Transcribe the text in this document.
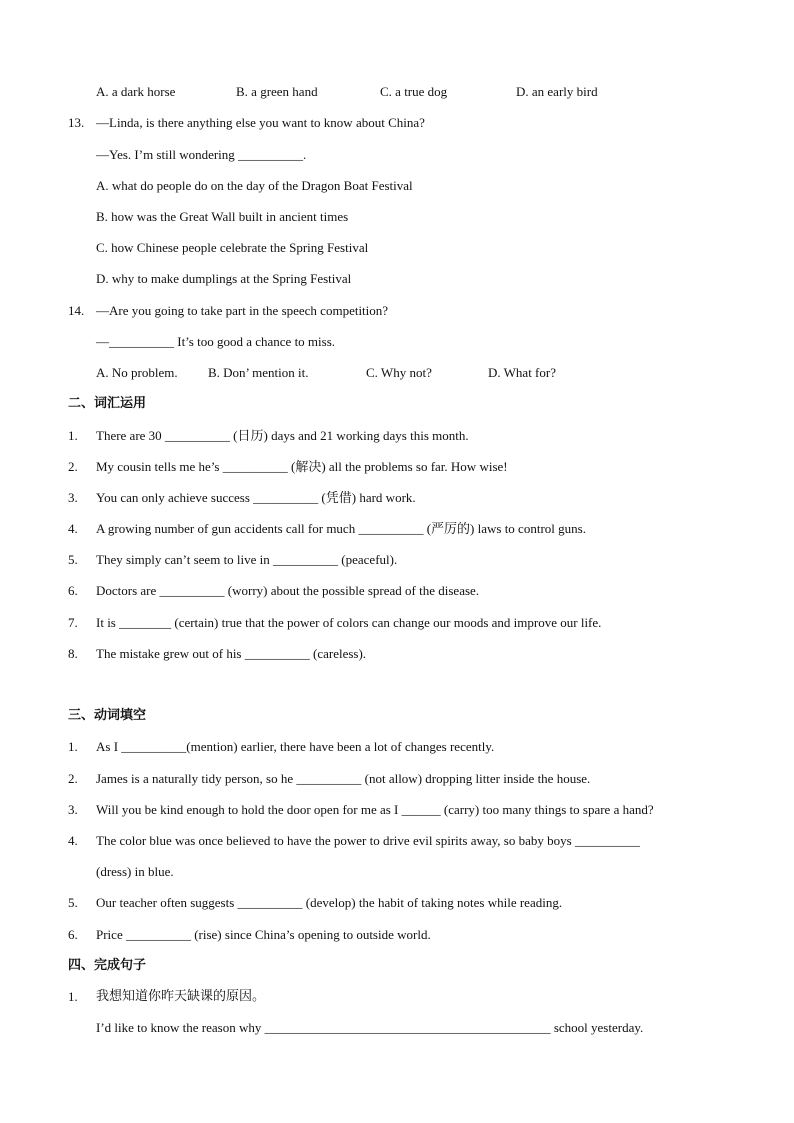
A. a dark horse	B. a green hand	C. a true dog	D. an early bird
13. —Linda, is there anything else you want to know about China?
—Yes. I’m still wondering __________.
A. what do people do on the day of the Dragon Boat Festival
B. how was the Great Wall built in ancient times
C. how Chinese people celebrate the Spring Festival
D. why to make dumplings at the Spring Festival
14. —Are you going to take part in the speech competition?
—__________ It’s too good a chance to miss.
A. No problem. B. Don’ mention it.	C. Why not?	D. What for?
二、词汇运用
1. There are 30 __________ (日历) days and 21 working days this month.
2. My cousin tells me he’s __________ (解决) all the problems so far. How wise!
3. You can only achieve success __________ (凭借) hard work.
4. A growing number of gun accidents call for much __________ (严厉的) laws to control guns.
5. They simply can’t seem to live in __________ (peaceful).
6. Doctors are __________ (worry) about the possible spread of the disease.
7. It is ________ (certain) true that the power of colors can change our moods and improve our life.
8. The mistake grew out of his __________ (careless).
三、动词填空
1. As I __________(mention) earlier, there have been a lot of changes recently.
2. James is a naturally tidy person, so he __________ (not allow) dropping litter inside the house.
3. Will you be kind enough to hold the door open for me as I ______ (carry) too many things to spare a hand?
4. The color blue was once believed to have the power to drive evil spirits away, so baby boys __________
(dress) in blue.
5. Our teacher often suggests __________ (develop) the habit of taking notes while reading.
6. Price __________ (rise) since China’s opening to outside world.
四、完成句子
1. 我想知道你昨天缺课的原因。
I’d like to know the reason why ____________________________________________ school yesterday.
